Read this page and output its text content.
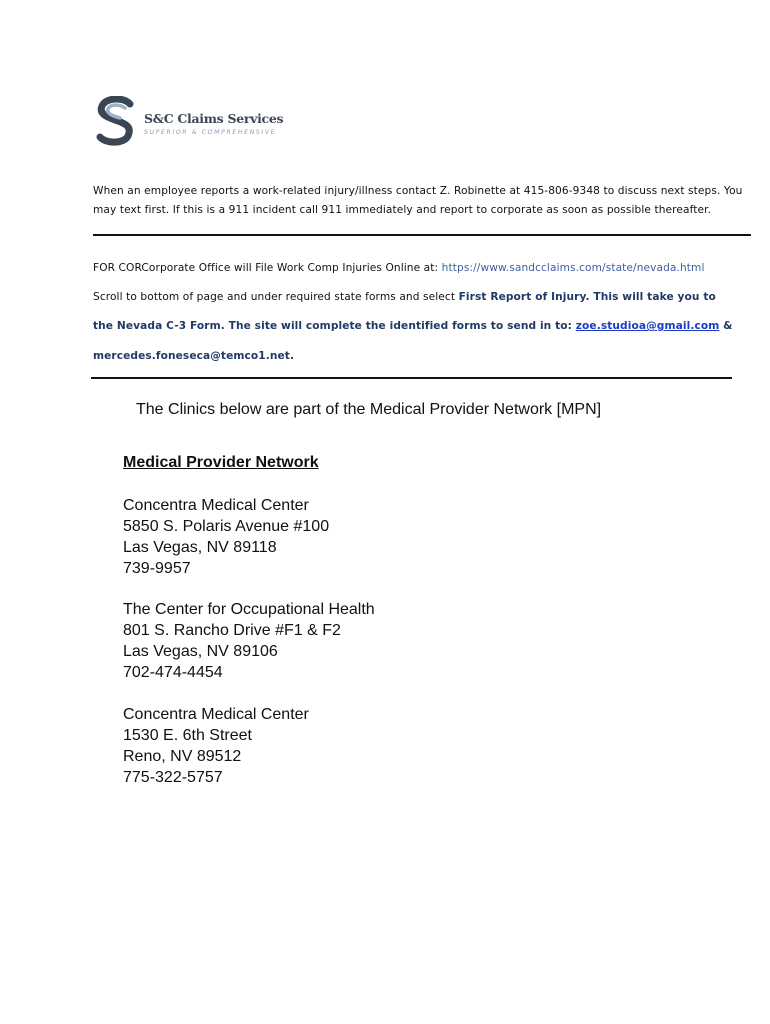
S&C Claims Services
SUPERIOR & COMPREHENSIVE

When an employee reports a work-related injury/illness contact Z. Robinette at 415-806-9348 to discuss next steps. You may text first. If this is a 911 incident call 911 immediately and report to corporate as soon as possible thereafter.

FOR CORCorporate Office will File Work Comp Injuries Online at: https://www.sandcclaims.com/state/nevada.html

Scroll to bottom of page and under required state forms and select First Report of Injury. This will take you to

the Nevada C-3 Form. The site will complete the identified forms to send in to: zoe.studioa@gmail.com &

mercedes.foneseca@temco1.net.

The Clinics below are part of the Medical Provider Network [MPN]

Medical Provider Network

Concentra Medical Center
5850 S. Polaris Avenue #100
Las Vegas, NV 89118
739-9957
The Center for Occupational Health
801 S. Rancho Drive #F1 & F2
Las Vegas, NV 89106
702-474-4454
Concentra Medical Center
1530 E. 6th Street
Reno, NV 89512
775-322-5757
